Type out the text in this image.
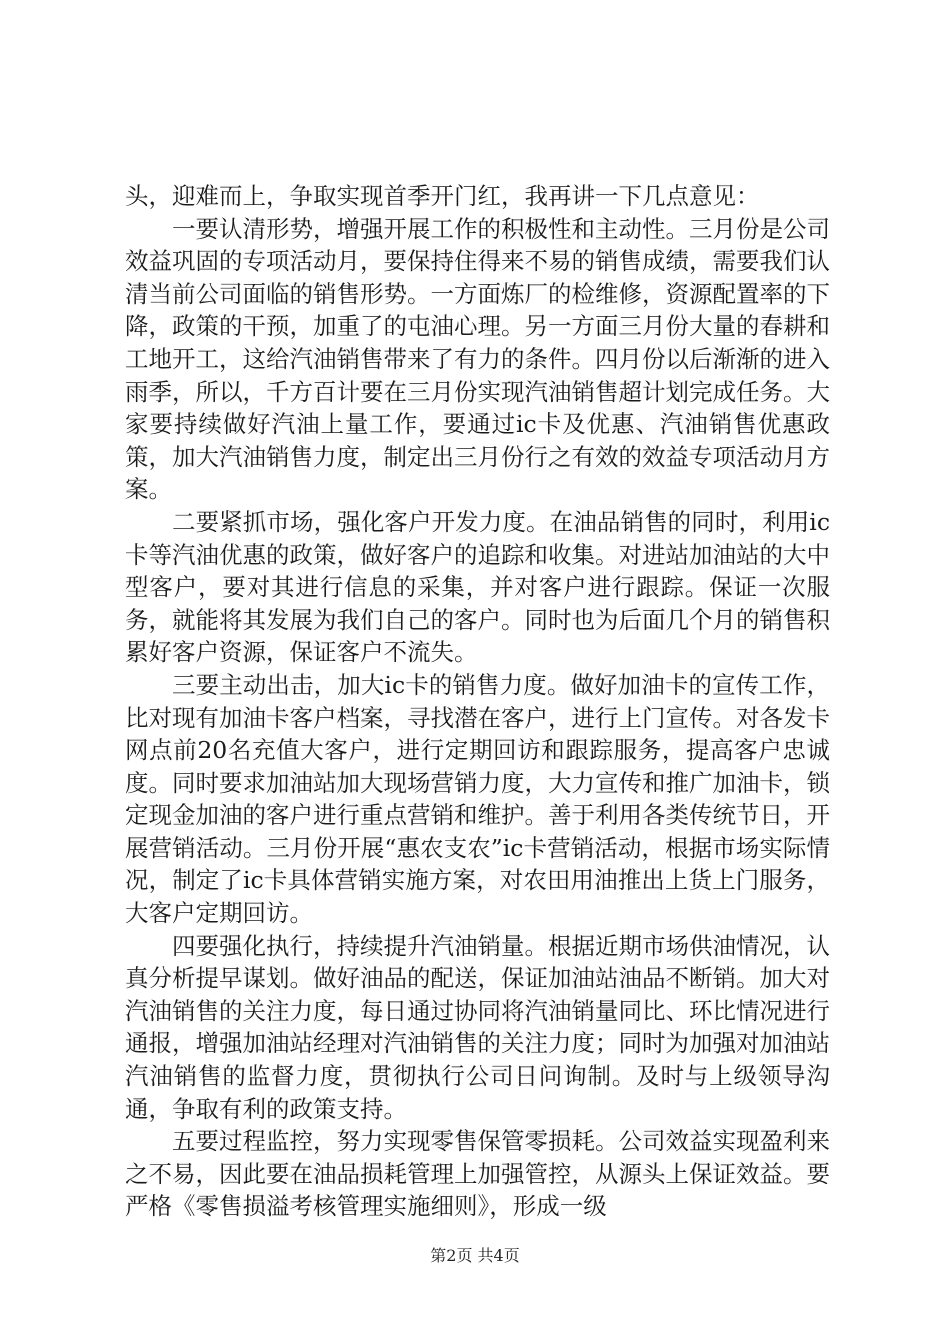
头，迎难而上，争取实现首季开门红，我再讲一下几点意见：

一要认清形势，增强开展工作的积极性和主动性。三月份是公司效益巩固的专项活动月，要保持住得来不易的销售成绩，需要我们认清当前公司面临的销售形势。一方面炼厂的检维修，资源配置率的下降，政策的干预，加重了的屯油心理。另一方面三月份大量的春耕和工地开工，这给汽油销售带来了有力的条件。四月份以后渐渐的进入雨季，所以，千方百计要在三月份实现汽油销售超计划完成任务。大家要持续做好汽油上量工作，要通过ic卡及优惠、汽油销售优惠政策，加大汽油销售力度，制定出三月份行之有效的效益专项活动月方案。

二要紧抓市场，强化客户开发力度。在油品销售的同时，利用ic卡等汽油优惠的政策，做好客户的追踪和收集。对进站加油站的大中型客户，要对其进行信息的采集，并对客户进行跟踪。保证一次服务，就能将其发展为我们自己的客户。同时也为后面几个月的销售积累好客户资源，保证客户不流失。

三要主动出击，加大ic卡的销售力度。做好加油卡的宣传工作，比对现有加油卡客户档案，寻找潜在客户，进行上门宣传。对各发卡网点前20名充值大客户，进行定期回访和跟踪服务，提高客户忠诚度。同时要求加油站加大现场营销力度，大力宣传和推广加油卡，锁定现金加油的客户进行重点营销和维护。善于利用各类传统节日，开展营销活动。三月份开展“惠农支农”ic卡营销活动，根据市场实际情况，制定了ic卡具体营销实施方案，对农田用油推出上货上门服务，大客户定期回访。

四要强化执行，持续提升汽油销量。根据近期市场供油情况，认真分析提早谋划。做好油品的配送，保证加油站油品不断销。加大对汽油销售的关注力度，每日通过协同将汽油销量同比、环比情况进行通报，增强加油站经理对汽油销售的关注力度；同时为加强对加油站汽油销售的监督力度，贯彻执行公司日问询制。及时与上级领导沟通，争取有利的政策支持。

五要过程监控，努力实现零售保管零损耗。公司效益实现盈利来之不易，因此要在油品损耗管理上加强管控，从源头上保证效益。要严格《零售损溢考核管理实施细则》，形成一级

第2页 共4页
